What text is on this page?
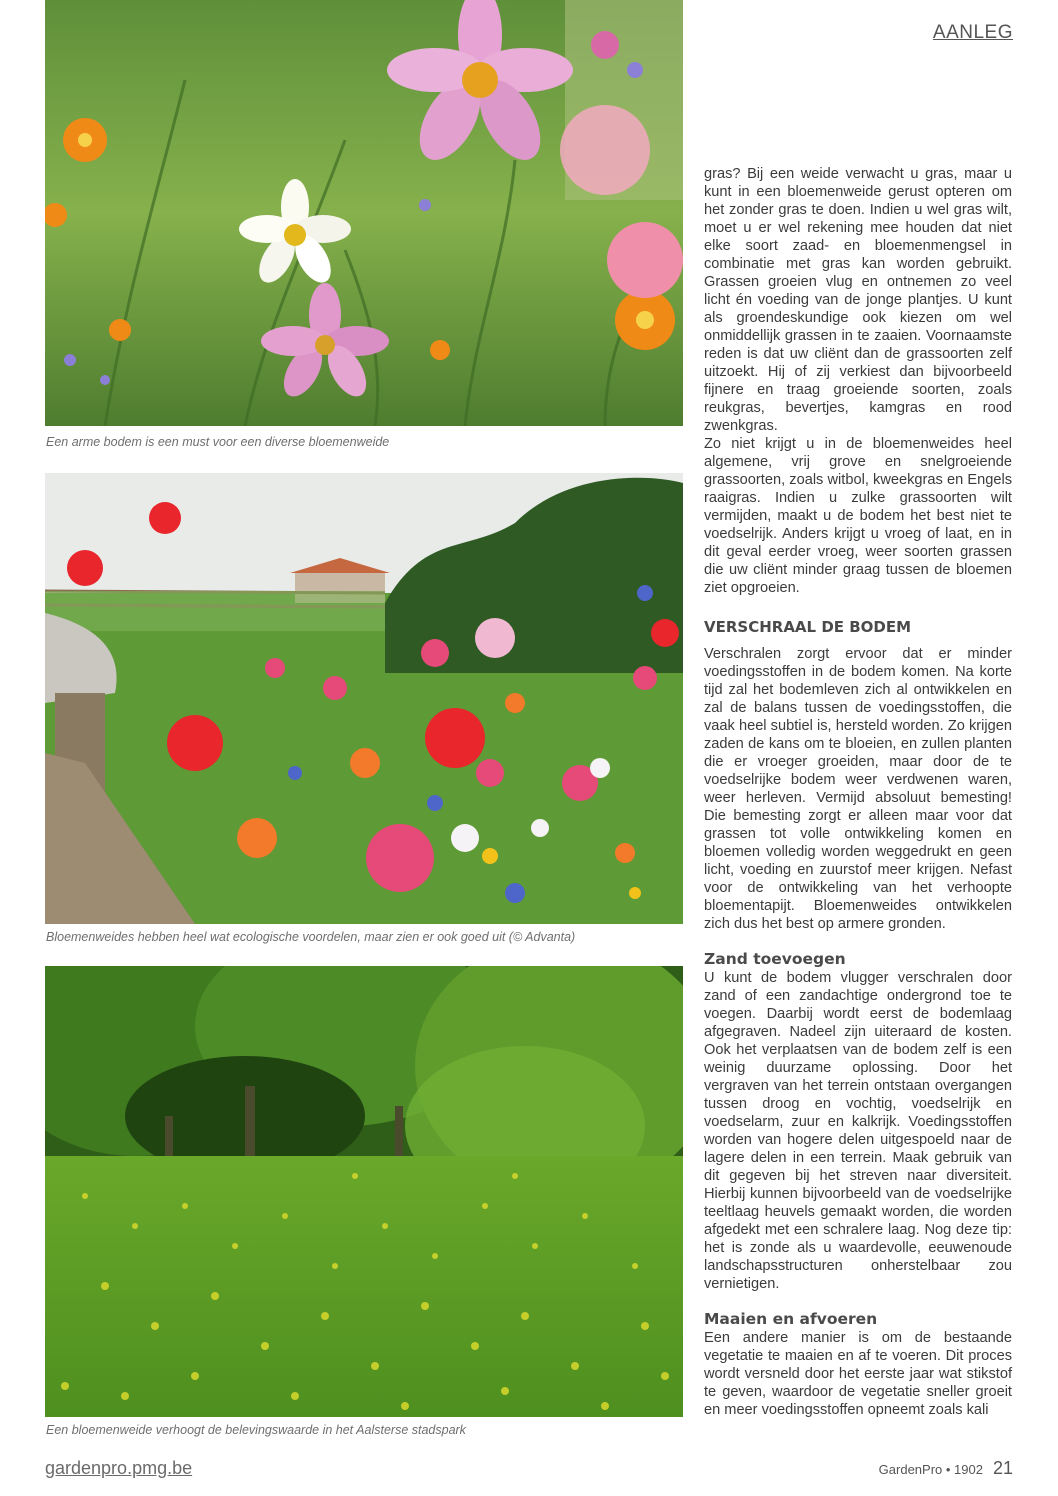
AANLEG
Een arme bodem is een must voor een diverse bloemenweide
Bloemenweides hebben heel wat ecologische voordelen, maar zien er ook goed uit (© Advanta)
Een bloemenweide verhoogt de belevingswaarde in het Aalsterse stadspark

gras? Bij een weide verwacht u gras, maar u kunt in een bloemenweide gerust opteren om het zonder gras te doen. Indien u wel gras wilt, moet u er wel rekening mee houden dat niet elke soort zaad- en bloemenmengsel in combinatie met gras kan worden gebruikt. Grassen groeien vlug en ontnemen zo veel licht én voeding van de jonge plantjes. U kunt als groendeskundige ook kiezen om wel onmiddellijk grassen in te zaaien. Voornaamste reden is dat uw cliënt dan de grassoorten zelf uitzoekt. Hij of zij verkiest dan bijvoorbeeld fijnere en traag groeiende soorten, zoals reukgras, bevertjes, kamgras en rood zwenkgras.

Zo niet krijgt u in de bloemenweides heel algemene, vrij grove en snelgroeiende grassoorten, zoals witbol, kweekgras en Engels raaigras. Indien u zulke grassoorten wilt vermijden, maakt u de bodem het best niet te voedselrijk. Anders krijgt u vroeg of laat, en in dit geval eerder vroeg, weer soorten grassen die uw cliënt minder graag tussen de bloemen ziet opgroeien.

VERSCHRAAL DE BODEM

Verschralen zorgt ervoor dat er minder voedingsstoffen in de bodem komen. Na korte tijd zal het bodemleven zich al ontwikkelen en zal de balans tussen de voedingsstoffen, die vaak heel subtiel is, hersteld worden. Zo krijgen zaden de kans om te bloeien, en zullen planten die er vroeger groeiden, maar door de te voedselrijke bodem weer verdwenen waren, weer herleven. Vermijd absoluut bemesting! Die bemesting zorgt er alleen maar voor dat grassen tot volle ontwikkeling komen en bloemen volledig worden weggedrukt en geen licht, voeding en zuurstof meer krijgen. Nefast voor de ontwikkeling van het verhoopte bloementapijt. Bloemenweides ontwikkelen zich dus het best op armere gronden.

Zand toevoegen

U kunt de bodem vlugger verschralen door zand of een zandachtige ondergrond toe te voegen. Daarbij wordt eerst de bodemlaag afgegraven. Nadeel zijn uiteraard de kosten. Ook het verplaatsen van de bodem zelf is een weinig duurzame oplossing. Door het vergraven van het terrein ontstaan overgangen tussen droog en vochtig, voedselrijk en voedselarm, zuur en kalkrijk. Voedingsstoffen worden van hogere delen uitgespoeld naar de lagere delen in een terrein. Maak gebruik van dit gegeven bij het streven naar diversiteit. Hierbij kunnen bijvoorbeeld van de voedselrijke teeltlaag heuvels gemaakt worden, die worden afgedekt met een schralere laag. Nog deze tip: het is zonde als u waardevolle, eeuwenoude landschapsstructuren onherstelbaar zou vernietigen.

Maaien en afvoeren

Een andere manier is om de bestaande vegetatie te maaien en af te voeren. Dit proces wordt versneld door het eerste jaar wat stikstof te geven, waardoor de vegetatie sneller groeit en meer voedingsstoffen opneemt zoals kali

gardenpro.pmg.be	GardenPro • 1902 21
